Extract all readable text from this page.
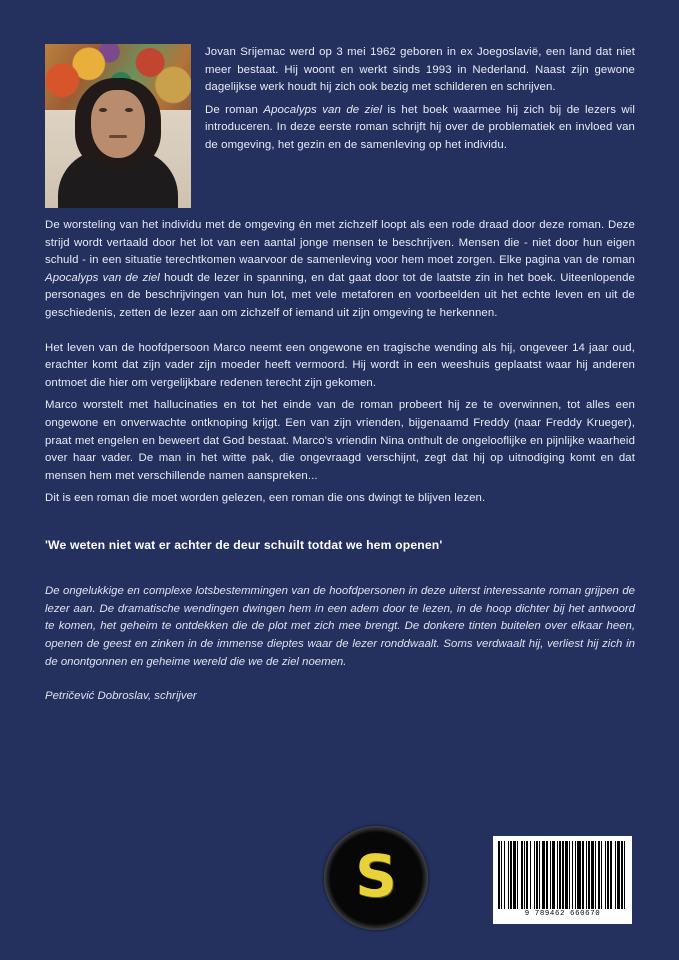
Jovan Srijemac werd op 3 mei 1962 geboren in ex Joegoslavië, een land dat niet meer bestaat. Hij woont en werkt sinds 1993 in Nederland. Naast zijn gewone dagelijkse werk houdt hij zich ook bezig met schilderen en schrijven.

De roman Apocalyps van de ziel is het boek waarmee hij zich bij de lezers wil introduceren. In deze eerste roman schrijft hij over de problematiek en invloed van de omgeving, het gezin en de samenleving op het individu.

De worsteling van het individu met de omgeving én met zichzelf loopt als een rode draad door deze roman. Deze strijd wordt vertaald door het lot van een aantal jonge mensen te beschrijven. Mensen die - niet door hun eigen schuld - in een situatie terechtkomen waarvoor de samenleving voor hem moet zorgen. Elke pagina van de roman Apocalyps van de ziel houdt de lezer in spanning, en dat gaat door tot de laatste zin in het boek. Uiteenlopende personages en de beschrijvingen van hun lot, met vele metaforen en voorbeelden uit het echte leven en uit de geschiedenis, zetten de lezer aan om zichzelf of iemand uit zijn omgeving te herkennen.

Het leven van de hoofdpersoon Marco neemt een ongewone en tragische wending als hij, ongeveer 14 jaar oud, erachter komt dat zijn vader zijn moeder heeft vermoord. Hij wordt in een weeshuis geplaatst waar hij anderen ontmoet die hier om vergelijkbare redenen terecht zijn gekomen.

Marco worstelt met hallucinaties en tot het einde van de roman probeert hij ze te overwinnen, tot alles een ongewone en onverwachte ontknoping krijgt. Een van zijn vrienden, bijgenaamd Freddy (naar Freddy Krueger), praat met engelen en beweert dat God bestaat. Marco's vriendin Nina onthult de ongelooflijke en pijnlijke waarheid over haar vader. De man in het witte pak, die ongevraagd verschijnt, zegt dat hij op uitnodiging komt en dat mensen hem met verschillende namen aanspreken...

Dit is een roman die moet worden gelezen, een roman die ons dwingt te blijven lezen.

'We weten niet wat er achter de deur schuilt totdat we hem openen'

De ongelukkige en complexe lotsbestemmingen van de hoofdpersonen in deze uiterst interessante roman grijpen de lezer aan. De dramatische wendingen dwingen hem in een adem door te lezen, in de hoop dichter bij het antwoord te komen, het geheim te ontdekken die de plot met zich mee brengt. De donkere tinten buitelen over elkaar heen, openen de geest en zinken in de immense dieptes waar de lezer ronddwaalt. Soms verdwaalt hij, verliest hij zich in de onontgonnen en geheime wereld die we de ziel noemen.

Petričević Dobroslav, schrijver

S
9 789462 660670
